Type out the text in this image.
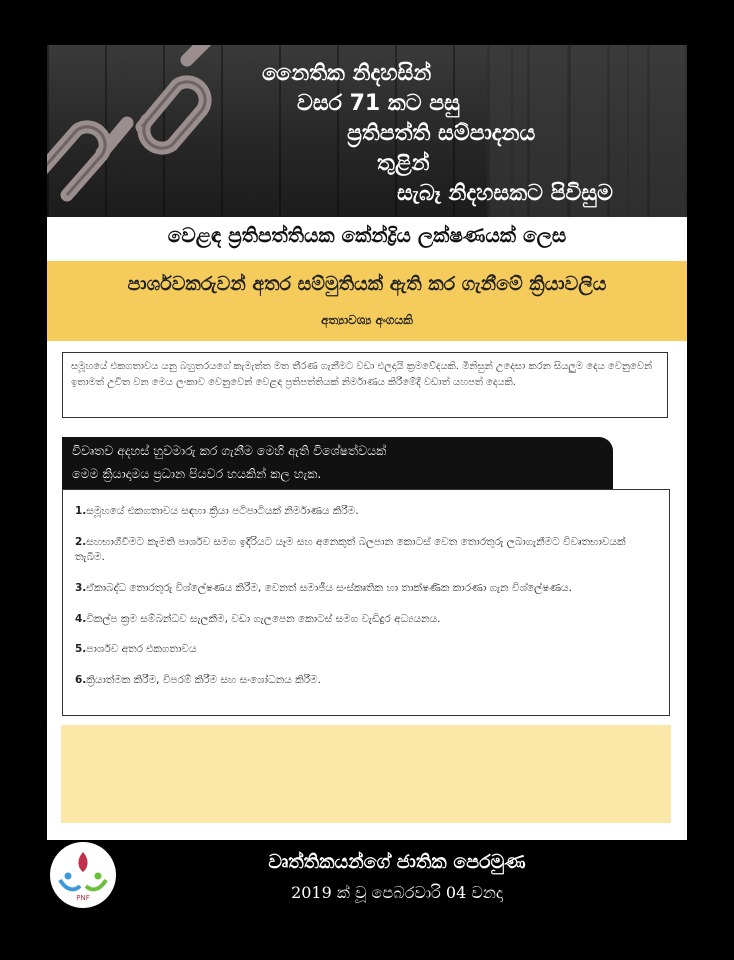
නෛතික නිදහසින්
වසර 71 කට පසු
ප්‍රතිපත්ති සම්පාදනය
තුළින්
සැබෑ නිදහසකට පිවිසුම
වෙළඳ ප්‍රතිපත්තියක කේන්ද්‍රිය ලක්ෂණයක් ලෙස
පාර්ශවකරුවන් අතර සම්මුතියක් ඇති කර ගැනීමේ ක්‍රියාවලිය
අත්‍යාවශ්‍ය අංගයකි
සමූහයේ එකගතාවය යනු බහුතරයගේ කැමැත්ත මත තීරණ ගැනීමට වඩා එලදායි ක්‍රමවේදයකි. මිනිසුන් උදෙසා කරන සියලුම දෙය වෙනුවෙන් ඉතාමත් උචිත වන මෙය ලංකාව වෙනුවෙන් වෙළඳ ප්‍රතිපත්තියක් නිර්මාණය කිරීමේදී වඩාත් යහපත් දෙයකි.
විවෘතව අදහස් හුවමාරු කර ගැනීම මෙහි ඇති විශේෂත්වයක්
මෙම ක්‍රියාදාමය ප්‍රධාන පියවර හයකින් කල හැක.
1.සමූහයේ එකගතාවය සඳහා ක්‍රියා පටිපාටියක් නිර්මාණය කිරීම.
2.සහභාගීවීමට කැමති පාර්ශව සමග ඉදිරියට යෑම සහ අනෙකුත් බලපාන කොටස් වෙත තොරතුරු ලබාගැනීමට විවෘතභාවයක් තැබීම.
3.ඒකාබද්ධ තොරතුරු විශ්ලේෂණය කිරීම, වෙනත් සමාජීය සංස්කෘතික හා තාක්ෂණික කාරණා ගැන විශ්ලේෂණය.
4.විකල්ප ක්‍රම සම්බන්ධව සැලකීම, වඩා ගැලපෙන කොටස් සමග වැඩිදුර අධ්‍යයනය.
5.පාර්ශව අතර එකගතාවය
6.ක්‍රියාත්මක කිරීම, විපරම් කිරීම සහ සංශෝධනය කිරීම.
PNF
වෘත්තිකයන්ගේ ජාතික පෙරමුණ
2019 ක් වූ පෙබරවාරි 04 වනදා
